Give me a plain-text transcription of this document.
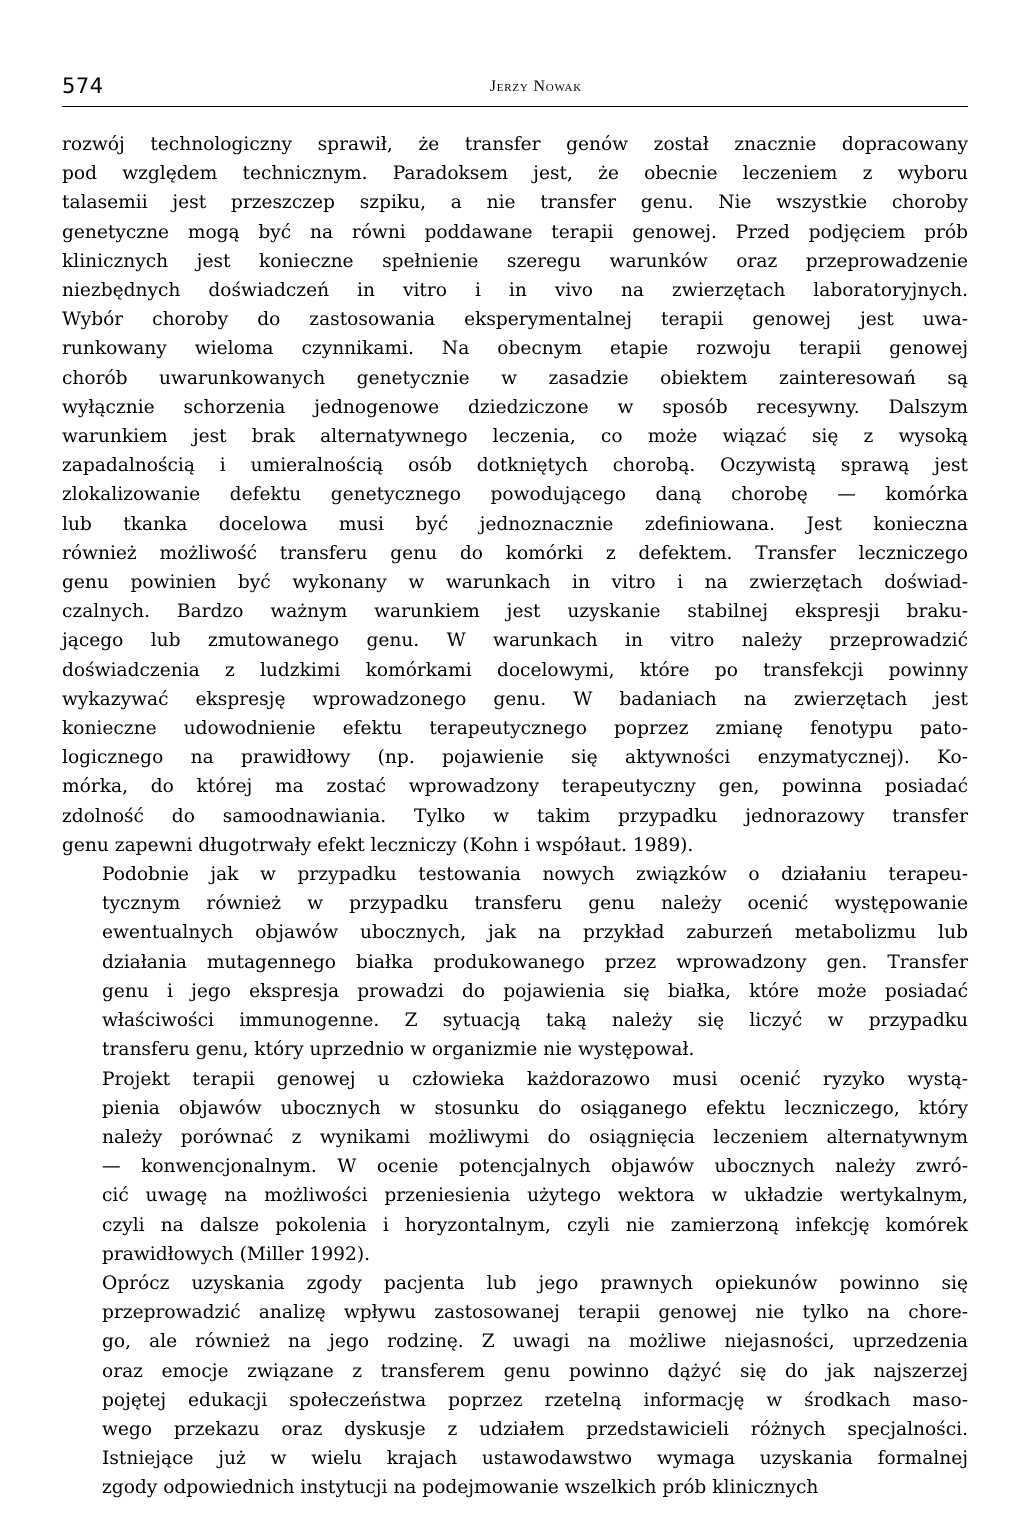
574	Jerzy Nowak

rozwój technologiczny sprawił, że transfer genów został znacznie dopracowany
pod względem technicznym. Paradoksem jest, że obecnie leczeniem z wyboru
talasemii jest przeszczep szpiku, a nie transfer genu. Nie wszystkie choroby
genetyczne mogą być na równi poddawane terapii genowej. Przed podjęciem prób
klinicznych jest konieczne spełnienie szeregu warunków oraz przeprowadzenie
niezbędnych doświadczeń in vitro i in vivo na zwierzętach laboratoryjnych.
Wybór choroby do zastosowania eksperymentalnej terapii genowej jest uwa-
runkowany wieloma czynnikami. Na obecnym etapie rozwoju terapii genowej
chorób uwarunkowanych genetycznie w zasadzie obiektem zainteresowań są
wyłącznie schorzenia jednogenowe dziedziczone w sposób recesywny. Dalszym
warunkiem jest brak alternatywnego leczenia, co może wiązać się z wysoką
zapadalnością i umieralnością osób dotkniętych chorobą. Oczywistą sprawą jest
zlokalizowanie defektu genetycznego powodującego daną chorobę — komórka
lub tkanka docelowa musi być jednoznacznie zdefiniowana. Jest konieczna
również możliwość transferu genu do komórki z defektem. Transfer leczniczego
genu powinien być wykonany w warunkach in vitro i na zwierzętach doświad-
czalnych. Bardzo ważnym warunkiem jest uzyskanie stabilnej ekspresji braku-
jącego lub zmutowanego genu. W warunkach in vitro należy przeprowadzić
doświadczenia z ludzkimi komórkami docelowymi, które po transfekcji powinny
wykazywać ekspresję wprowadzonego genu. W badaniach na zwierzętach jest
konieczne udowodnienie efektu terapeutycznego poprzez zmianę fenotypu pato-
logicznego na prawidłowy (np. pojawienie się aktywności enzymatycznej). Ko-
mórka, do której ma zostać wprowadzony terapeutyczny gen, powinna posiadać
zdolność do samoodnawiania. Tylko w takim przypadku jednorazowy transfer
genu zapewni długotrwały efekt leczniczy (Kohn i współaut. 1989).

Podobnie jak w przypadku testowania nowych związków o działaniu terapeu-
tycznym również w przypadku transferu genu należy ocenić występowanie
ewentualnych objawów ubocznych, jak na przykład zaburzeń metabolizmu lub
działania mutagennego białka produkowanego przez wprowadzony gen. Transfer
genu i jego ekspresja prowadzi do pojawienia się białka, które może posiadać
właściwości immunogenne. Z sytuacją taką należy się liczyć w przypadku
transferu genu, który uprzednio w organizmie nie występował.

Projekt terapii genowej u człowieka każdorazowo musi ocenić ryzyko wystą-
pienia objawów ubocznych w stosunku do osiąganego efektu leczniczego, który
należy porównać z wynikami możliwymi do osiągnięcia leczeniem alternatywnym
— konwencjonalnym. W ocenie potencjalnych objawów ubocznych należy zwró-
cić uwagę na możliwości przeniesienia użytego wektora w układzie wertykalnym,
czyli na dalsze pokolenia i horyzontalnym, czyli nie zamierzoną infekcję komórek
prawidłowych (Miller 1992).

Oprócz uzyskania zgody pacjenta lub jego prawnych opiekunów powinno się
przeprowadzić analizę wpływu zastosowanej terapii genowej nie tylko na chore-
go, ale również na jego rodzinę. Z uwagi na możliwe niejasności, uprzedzenia
oraz emocje związane z transferem genu powinno dążyć się do jak najszerzej
pojętej edukacji społeczeństwa poprzez rzetelną informację w środkach maso-
wego przekazu oraz dyskusje z udziałem przedstawicieli różnych specjalności.
Istniejące już w wielu krajach ustawodawstwo wymaga uzyskania formalnej
zgody odpowiednich instytucji na podejmowanie wszelkich prób klinicznych
